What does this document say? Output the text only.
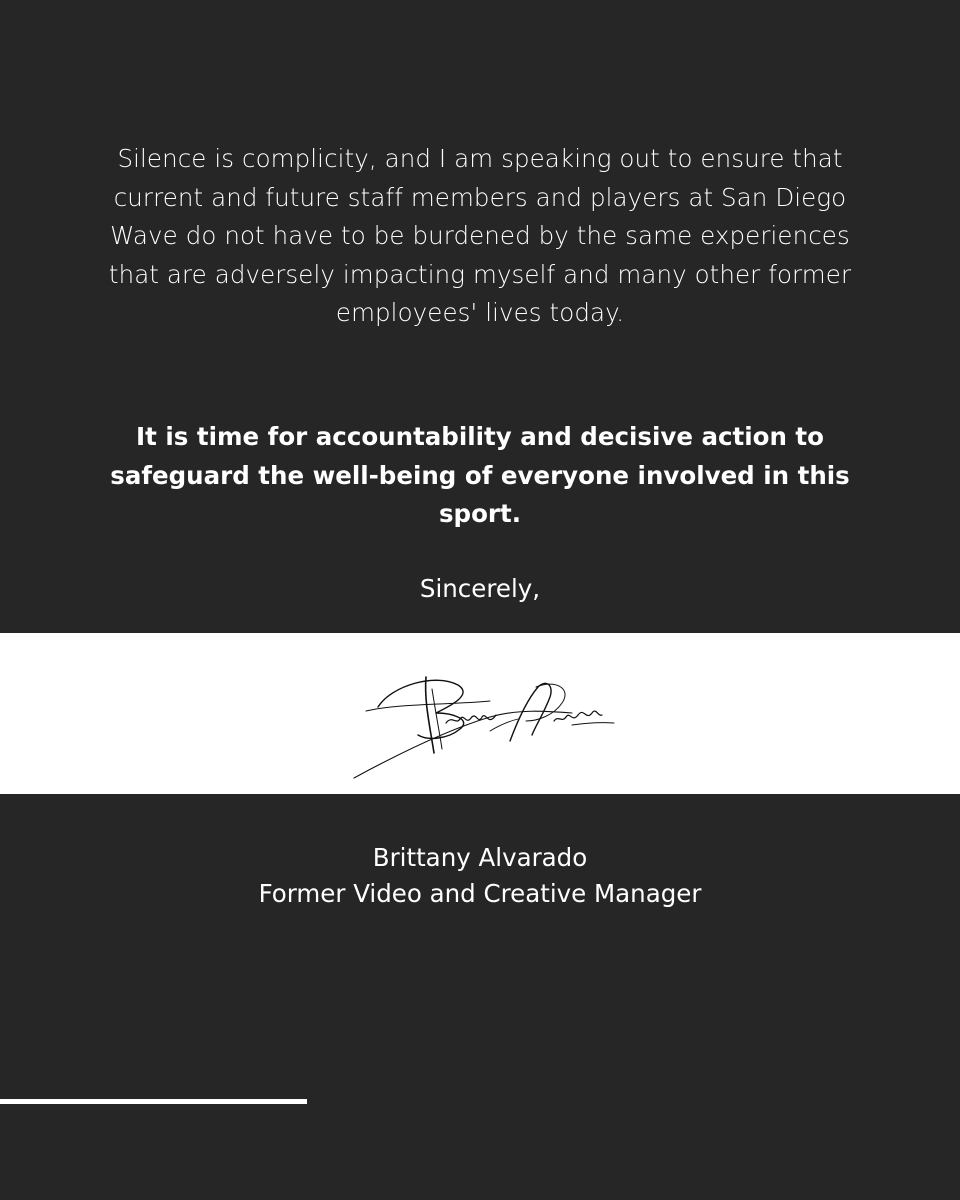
Silence is complicity, and I am speaking out to ensure that current and future staff members and players at San Diego Wave do not have to be burdened by the same experiences that are adversely impacting myself and many other former employees' lives today.

It is time for accountability and decisive action to safeguard the well-being of everyone involved in this sport.

Sincerely,

Brittany Alvarado

Former Video and Creative Manager
